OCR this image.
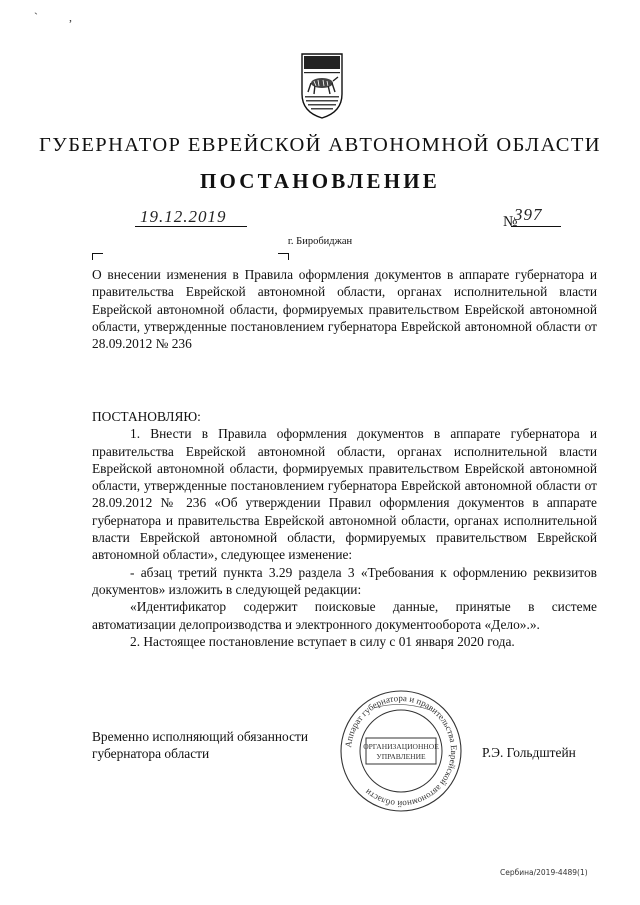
` ,
ГУБЕРНАТОР ЕВРЕЙСКОЙ АВТОНОМНОЙ ОБЛАСТИ
ПОСТАНОВЛЕНИЕ
19.12.2019	№
397
г. Биробиджан
О внесении изменения в Правила оформления документов в аппарате губернатора и правительства Еврейской автономной области, органах исполнительной власти Еврейской автономной области, формируемых правительством Еврейской автономной области, утвержденные постановлением губернатора Еврейской автономной области от 28.09.2012 № 236

ПОСТАНОВЛЯЮ:

1. Внести в Правила оформления документов в аппарате губернатора и правительства Еврейской автономной области, органах исполнительной власти Еврейской автономной области, формируемых правительством Еврейской автономной области, утвержденные постановлением губернатора Еврейской автономной области от 28.09.2012 № 236 «Об утверждении Правил оформления документов в аппарате губернатора и правительства Еврейской автономной области, органах исполнительной власти Еврейской автономной области, формируемых правительством Еврейской автономной области», следующее изменение:

- абзац третий пункта 3.29 раздела 3 «Требования к оформлению реквизитов документов» изложить в следующей редакции:

«Идентификатор содержит поисковые данные, принятые в системе автоматизации делопроизводства и электронного документооборота «Дело».».

2. Настоящее постановление вступает в силу с 01 января 2020 года.

Временно исполняющий обязанности
губернатора области
Аппарат губернатора и правительства Еврейской автономной области
ОРГАНИЗАЦИОННОЕ
УПРАВЛЕНИЕ	Р.Э. Гольдштейн
Сербина/2019-4489(1)
